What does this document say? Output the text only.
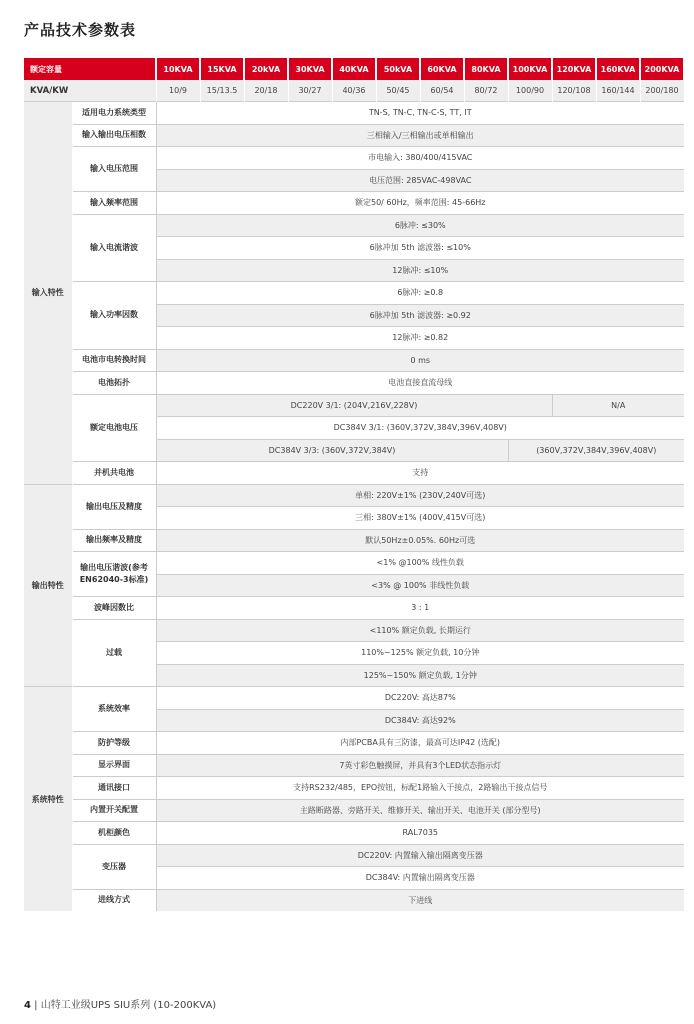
产品技术参数表
额定容量		10KVA	15KVA	20kVA	30KVA	40KVA	50kVA	60KVA	80KVA	100KVA	120KVA	160KVA	200KVA
KVA/KW		10/9	15/13.5	20/18	30/27	40/36	50/45	60/54	80/72	100/90	120/108	160/144	200/180
输入特性	适用电力系统类型	TN-S, TN-C, TN-C-S, TT, IT											
	输入输出电压相数	三相输入/三相输出或单相输出											
	输入电压范围	市电输入: 380/400/415VAC											
		电压范围: 285VAC-498VAC											
	输入频率范围	额定50/ 60Hz，频率范围: 45-66Hz											
	输入电流谐波	6脉冲: ≤30%											
		6脉冲加 5th 滤波器: ≤10%											
		12脉冲: ≤10%											
	输入功率因数	6脉冲: ≥0.8											
		6脉冲加 5th 滤波器: ≥0.92											
		12脉冲: ≥0.82											
	电池市电转换时间	0 ms											
	电池拓扑	电池直接直流母线											
	额定电池电压	DC220V 3/1: (204V,216V,228V)									N/A		
		DC384V 3/1: (360V,372V,384V,396V,408V)											
		DC384V 3/3: (360V,372V,384V)								(360V,372V,384V,396V,408V)			
	并机共电池	支持											
输出特性	输出电压及精度	单相: 220V±1% (230V,240V可选)											
		三相: 380V±1% (400V,415V可选)											
	输出频率及精度	默认50Hz±0.05%. 60Hz可选											
	输出电压谐波(参考EN62040-3标准)	<1% @100% 线性负载											
		<3% @ 100% 非线性负载											
	波峰因数比	3 : 1											
	过载	<110% 额定负载, 长期运行											
		110%~125% 额定负载, 10分钟											
		125%~150% 额定负载, 1分钟											
系统特性	系统效率	DC220V: 高达87%											
		DC384V: 高达92%											
	防护等级	内部PCBA具有三防漆，最高可达IP42 (选配)											
	显示界面	7英寸彩色触摸屏，并具有3个LED状态指示灯											
	通讯接口	支持RS232/485，EPO按钮，标配1路输入干接点，2路输出干接点信号											
	内置开关配置	主路断路器、旁路开关、维修开关、输出开关、电池开关 (部分型号)											
	机柜颜色	RAL7035											
	变压器	DC220V: 内置输入输出隔离变压器											
		DC384V: 内置输出隔离变压器											
	进线方式	下进线											
4 | 山特工业级UPS SIU系列 (10-200KVA)
